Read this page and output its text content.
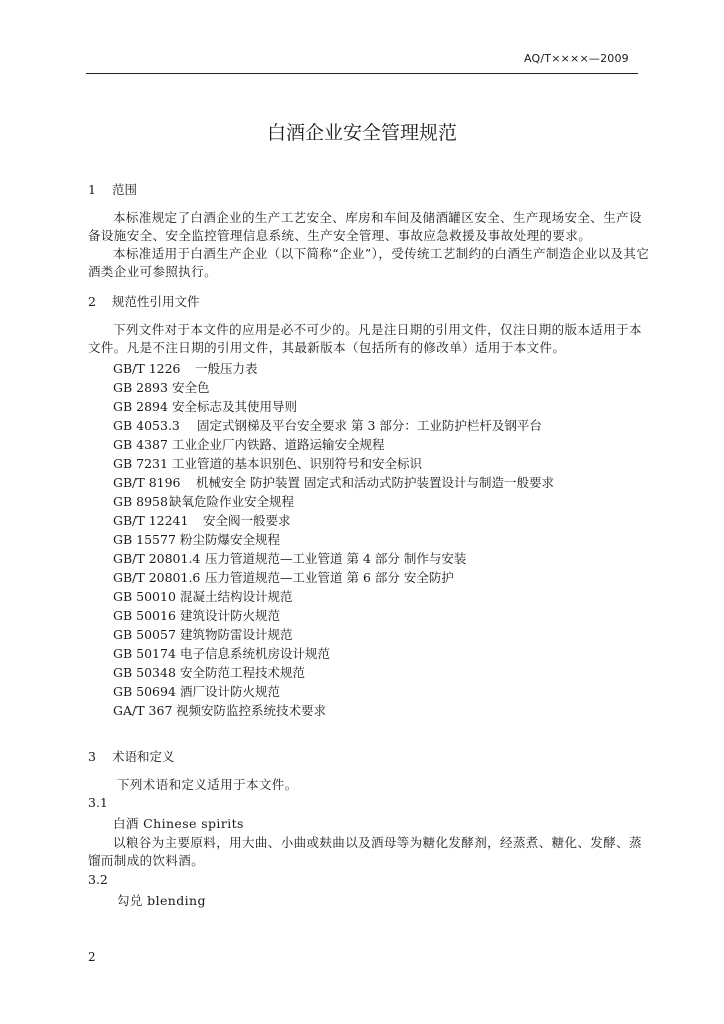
AQ/T××××—2009
白酒企业安全管理规范
1 范围
本标准规定了白酒企业的生产工艺安全、库房和车间及储酒罐区安全、生产现场安全、生产设
备设施安全、安全监控管理信息系统、生产安全管理、事故应急救援及事故处理的要求。
本标准适用于白酒生产企业（以下简称“企业”），受传统工艺制约的白酒生产制造企业以及其它
酒类企业可参照执行。
2 规范性引用文件
下列文件对于本文件的应用是必不可少的。凡是注日期的引用文件，仅注日期的版本适用于本
文件。凡是不注日期的引用文件，其最新版本（包括所有的修改单）适用于本文件。
GB/T 1226 一般压力表
GB 2893 安全色
GB 2894 安全标志及其使用导则
GB 4053.3 固定式钢梯及平台安全要求 第 3 部分：工业防护栏杆及钢平台
GB 4387 工业企业厂内铁路、道路运输安全规程
GB 7231 工业管道的基本识别色、识别符号和安全标识
GB/T 8196 机械安全 防护装置 固定式和活动式防护装置设计与制造一般要求
GB 8958缺氧危险作业安全规程
GB/T 12241 安全阀一般要求
GB 15577 粉尘防爆安全规程
GB/T 20801.4 压力管道规范—工业管道 第 4 部分 制作与安装
GB/T 20801.6 压力管道规范—工业管道 第 6 部分 安全防护
GB 50010 混凝土结构设计规范
GB 50016 建筑设计防火规范
GB 50057 建筑物防雷设计规范
GB 50174 电子信息系统机房设计规范
GB 50348 安全防范工程技术规范
GB 50694 酒厂设计防火规范
GA/T 367 视频安防监控系统技术要求
3 术语和定义
下列术语和定义适用于本文件。
3.1
白酒 Chinese spirits
以粮谷为主要原料，用大曲、小曲或麸曲以及酒母等为糖化发酵剂，经蒸煮、糖化、发酵、蒸
馏而制成的饮料酒。
3.2
勾兑 blending
2
